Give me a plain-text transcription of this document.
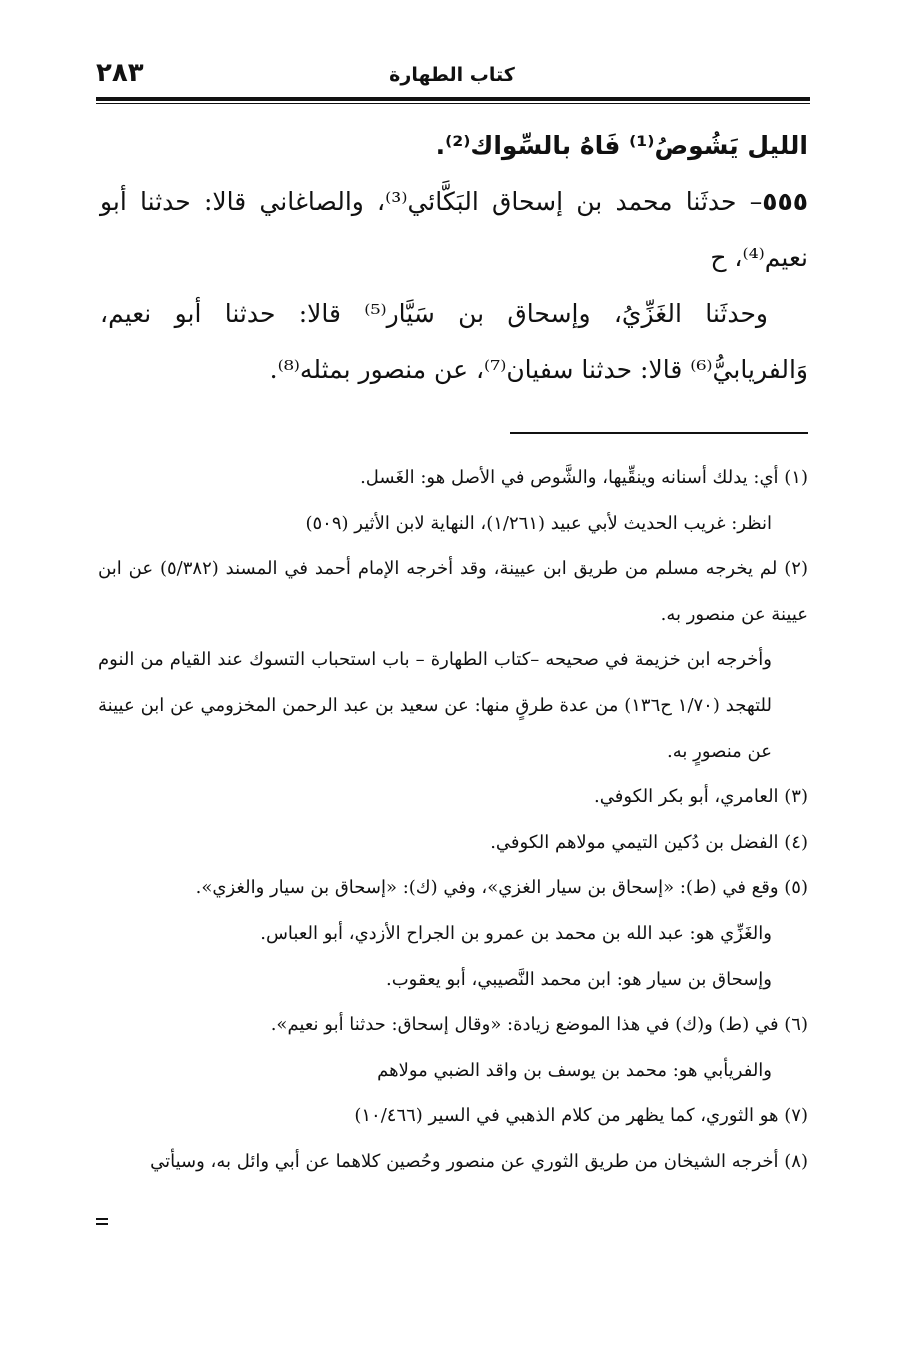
٢٨٣	كتاب الطهارة

الليل يَشُوصُ⁽¹⁾ فَاهُ بالسِّواك⁽²⁾.

٥٥٥– حدثَنا محمد بن إسحاق البَكَّائي⁽³⁾، والصاغاني قالا: حدثنا أبو نعيم⁽⁴⁾، ح

وحدثَنا الغَزِّيُ، وإسحاق بن سَيَّار⁽⁵⁾ قالا: حدثنا أبو نعيم، وَالفريابيُّ⁽⁶⁾ قالا: حدثنا سفيان⁽⁷⁾، عن منصور بمثله⁽⁸⁾.

(١) أي: يدلك أسنانه وينقِّيها، والشَّوص في الأصل هو: الغَسل.

انظر: غريب الحديث لأبي عبيد (١/٢٦١)، النهاية لابن الأثير (٥٠٩)

(٢) لم يخرجه مسلم من طريق ابن عيينة، وقد أخرجه الإمام أحمد في المسند (٥/٣٨٢) عن ابن عيينة عن منصور به.

وأخرجه ابن خزيمة في صحيحه –كتاب الطهارة – باب استحباب التسوك عند القيام من النوم للتهجد (١/٧٠ ح١٣٦) من عدة طرقٍ منها: عن سعيد بن عبد الرحمن المخزومي عن ابن عيينة عن منصورٍ به.

(٣) العامري، أبو بكر الكوفي.

(٤) الفضل بن دُكين التيمي مولاهم الكوفي.

(٥) وقع في (ط): «إسحاق بن سيار الغزي»، وفي (ك): «إسحاق بن سيار والغزي».

والغَزِّي هو: عبد الله بن محمد بن عمرو بن الجراح الأزدي، أبو العباس.

وإسحاق بن سيار هو: ابن محمد النَّصيبي، أبو يعقوب.

(٦) في (ط) و(ك) في هذا الموضع زيادة: «وقال إسحاق: حدثنا أبو نعيم».

والفريأبي هو: محمد بن يوسف بن واقد الضبي مولاهم

(٧) هو الثوري، كما يظهر من كلام الذهبي في السير (١٠/٤٦٦)

(٨) أخرجه الشيخان من طريق الثوري عن منصور وحُصين كلاهما عن أبي وائل به، وسيأتي
